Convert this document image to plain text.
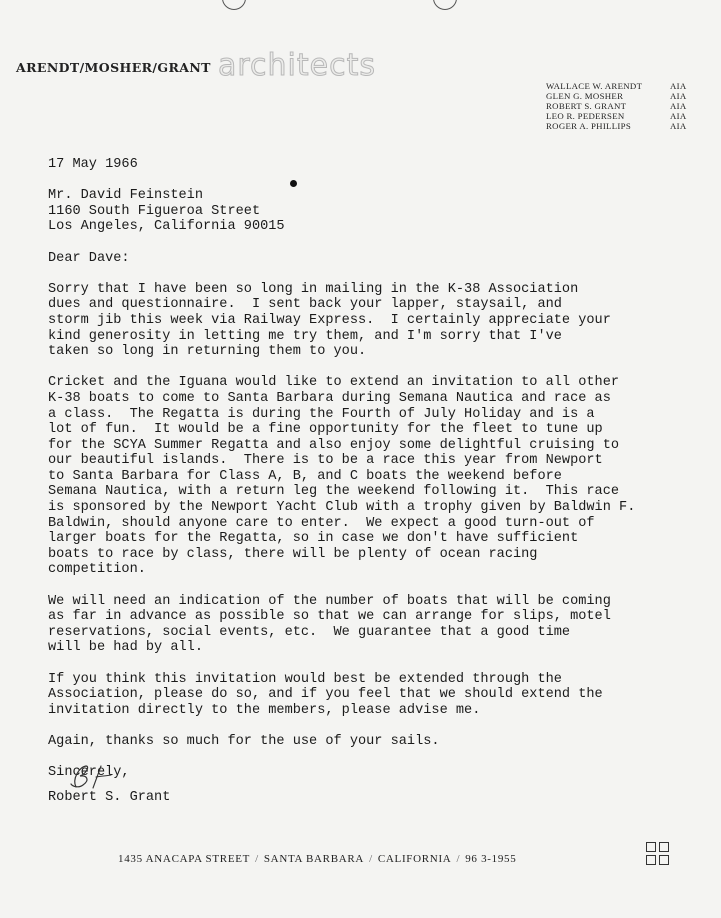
ARENDT/MOSHER/GRANT architects
WALLACE W. ARENDT	AIA
GLEN G. MOSHER	AIA
ROBERT S. GRANT	AIA
LEO R. PEDERSEN	AIA
ROGER A. PHILLIPS	AIA
17 May 1966
Mr. David Feinstein
1160 South Figueroa Street
Los Angeles, California 90015
Dear Dave:
Sorry that I have been so long in mailing in the K-38 Association
dues and questionnaire.  I sent back your lapper, staysail, and
storm jib this week via Railway Express.  I certainly appreciate your
kind generosity in letting me try them, and I'm sorry that I've
taken so long in returning them to you.
Cricket and the Iguana would like to extend an invitation to all other
K-38 boats to come to Santa Barbara during Semana Nautica and race as
a class.  The Regatta is during the Fourth of July Holiday and is a
lot of fun.  It would be a fine opportunity for the fleet to tune up
for the SCYA Summer Regatta and also enjoy some delightful cruising to
our beautiful islands.  There is to be a race this year from Newport
to Santa Barbara for Class A, B, and C boats the weekend before
Semana Nautica, with a return leg the weekend following it.  This race
is sponsored by the Newport Yacht Club with a trophy given by Baldwin F.
Baldwin, should anyone care to enter.  We expect a good turn-out of
larger boats for the Regatta, so in case we don't have sufficient
boats to race by class, there will be plenty of ocean racing
competition.
We will need an indication of the number of boats that will be coming
as far in advance as possible so that we can arrange for slips, motel
reservations, social events, etc.  We guarantee that a good time
will be had by all.
If you think this invitation would best be extended through the
Association, please do so, and if you feel that we should extend the
invitation directly to the members, please advise me.
Again, thanks so much for the use of your sails.
Sincerely,
Robert S. Grant
1435 ANACAPA STREET / SANTA BARBARA / CALIFORNIA / 96 3-1955
